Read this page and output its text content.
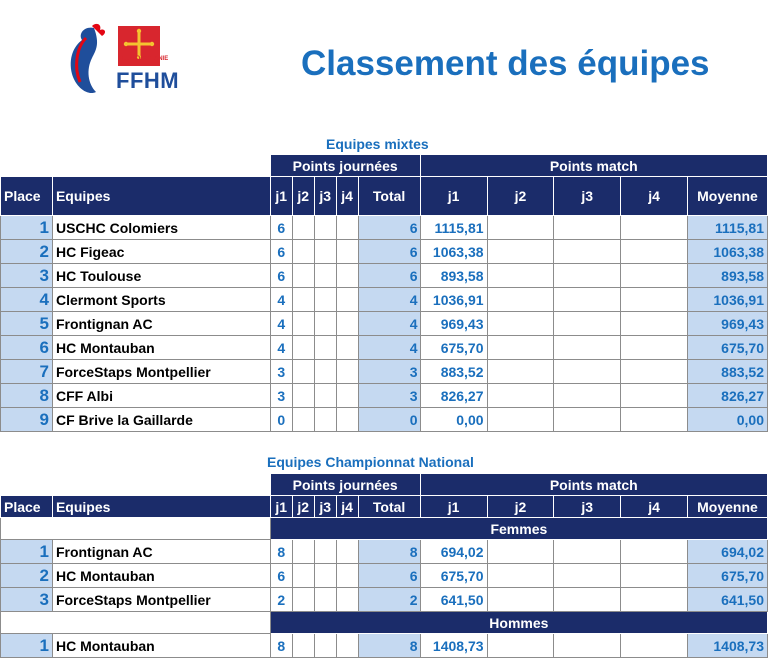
Ligue OCCITANIE
FFHM	Classement des équipes
Equipes mixtes
		Points journées					Points match				
Place	Equipes	j1	j2	j3	j4	Total	j1	j2	j3	j4	Moyenne
1	USCHC Colomiers	6				6	1115,81				1115,81
2	HC Figeac	6				6	1063,38				1063,38
3	HC Toulouse	6				6	893,58				893,58
4	Clermont Sports	4				4	1036,91				1036,91
5	Frontignan AC	4				4	969,43				969,43
6	HC Montauban	4				4	675,70				675,70
7	ForceStaps Montpellier	3				3	883,52				883,52
8	CFF Albi	3				3	826,27				826,27
9	CF Brive la Gaillarde	0				0	0,00				0,00
Equipes Championnat National
		Points journées					Points match				
Place	Equipes	j1	j2	j3	j4	Total	j1	j2	j3	j4	Moyenne
		Femmes									
1	Frontignan AC	8				8	694,02				694,02
2	HC Montauban	6				6	675,70				675,70
3	ForceStaps Montpellier	2				2	641,50				641,50
		Hommes									
1	HC Montauban	8				8	1408,73				1408,73
